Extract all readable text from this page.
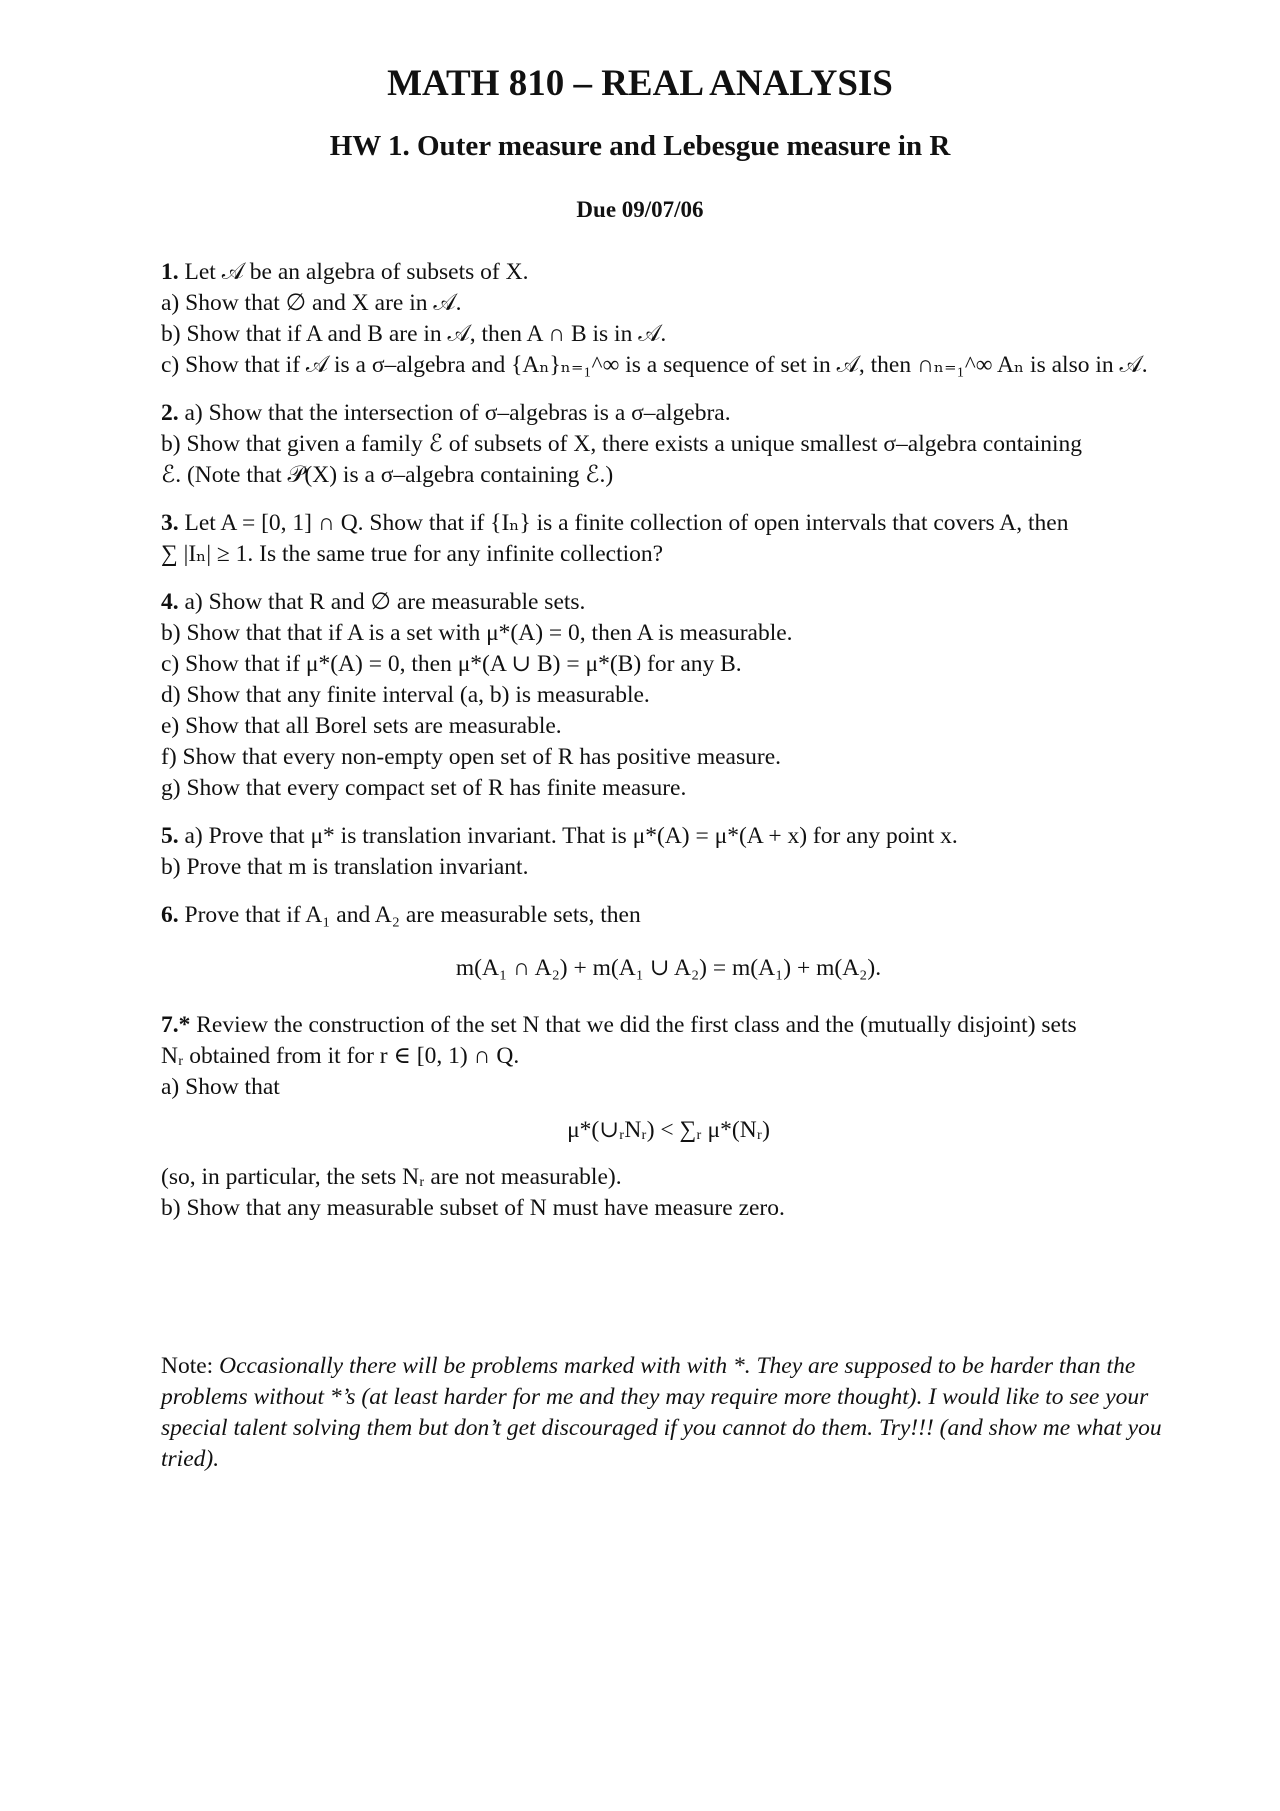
MATH 810 – REAL ANALYSIS
HW 1. Outer measure and Lebesgue measure in R
Due 09/07/06
1. Let 𝒜 be an algebra of subsets of X.
a) Show that ∅ and X are in 𝒜.
b) Show that if A and B are in 𝒜, then A ∩ B is in 𝒜.
c) Show that if 𝒜 is a σ–algebra and {Aₙ}ₙ₌₁^∞ is a sequence of set in 𝒜, then ∩ₙ₌₁^∞ Aₙ is also in 𝒜.
2. a) Show that the intersection of σ–algebras is a σ–algebra.
b) Show that given a family ℰ of subsets of X, there exists a unique smallest σ–algebra containing
ℰ. (Note that 𝒫(X) is a σ–algebra containing ℰ.)
3. Let A = [0, 1] ∩ Q. Show that if {Iₙ} is a finite collection of open intervals that covers A, then
∑ |Iₙ| ≥ 1. Is the same true for any infinite collection?
4. a) Show that R and ∅ are measurable sets.
b) Show that that if A is a set with μ*(A) = 0, then A is measurable.
c) Show that if μ*(A) = 0, then μ*(A ∪ B) = μ*(B) for any B.
d) Show that any finite interval (a, b) is measurable.
e) Show that all Borel sets are measurable.
f) Show that every non-empty open set of R has positive measure.
g) Show that every compact set of R has finite measure.
5. a) Prove that μ* is translation invariant. That is μ*(A) = μ*(A + x) for any point x.
b) Prove that m is translation invariant.
6. Prove that if A₁ and A₂ are measurable sets, then
m(A₁ ∩ A₂) + m(A₁ ∪ A₂) = m(A₁) + m(A₂).
7.* Review the construction of the set N that we did the first class and the (mutually disjoint) sets
Nᵣ obtained from it for r ∈ [0, 1) ∩ Q.
a) Show that
μ*(∪ᵣNᵣ) < ∑ᵣ μ*(Nᵣ)
(so, in particular, the sets Nᵣ are not measurable).
b) Show that any measurable subset of N must have measure zero.
Note: Occasionally there will be problems marked with with *. They are supposed to be harder than the problems without *’s (at least harder for me and they may require more thought). I would like to see your special talent solving them but don’t get discouraged if you cannot do them. Try!!! (and show me what you tried).
